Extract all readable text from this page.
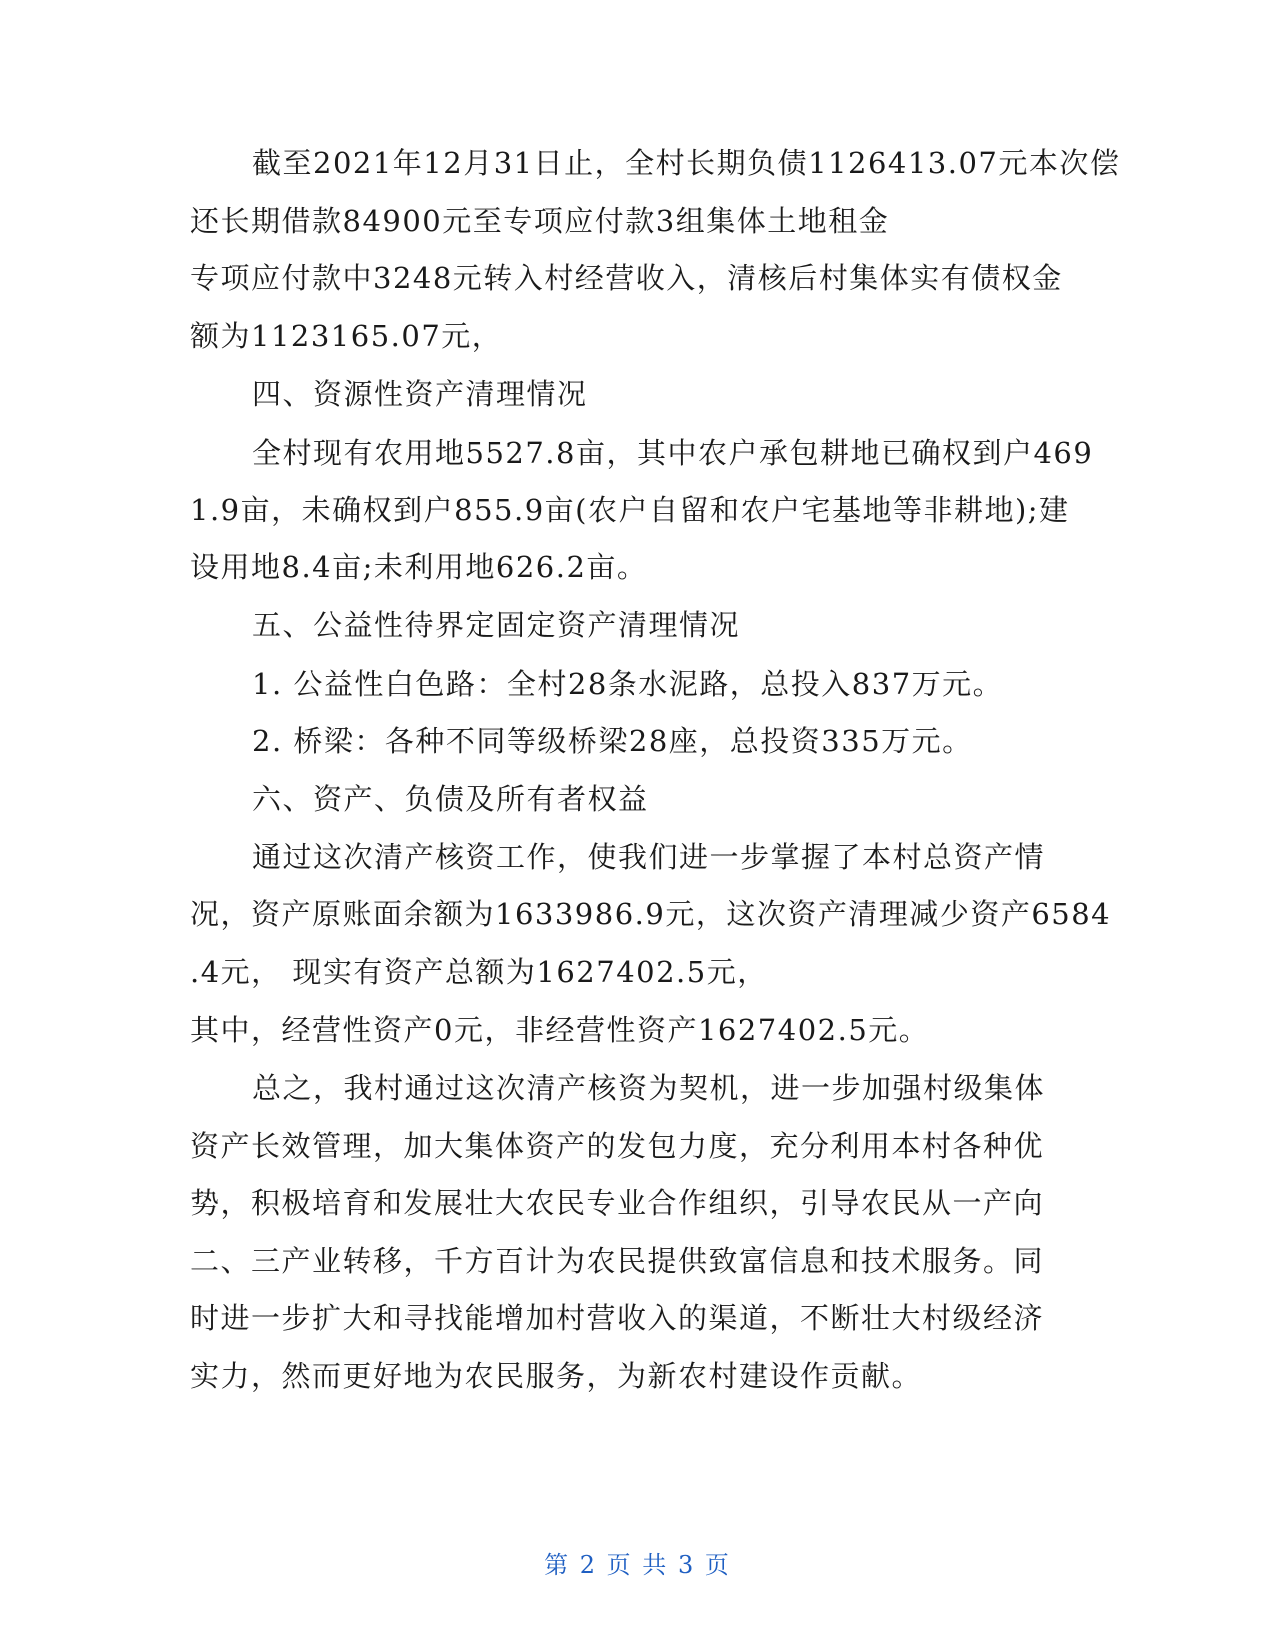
截至2021年12月31日止，全村长期负债1126413.07元本次偿
还长期借款84900元至专项应付款3组集体土地租金
专项应付款中3248元转入村经营收入，清核后村集体实有债权金
额为1123165.07元，
四、资源性资产清理情况
全村现有农用地5527.8亩，其中农户承包耕地已确权到户469
1.9亩，未确权到户855.9亩(农户自留和农户宅基地等非耕地);建
设用地8.4亩;未利用地626.2亩。
五、公益性待界定固定资产清理情况
1. 公益性白色路：全村28条水泥路，总投入837万元。
2. 桥梁：各种不同等级桥梁28座，总投资335万元。
六、资产、负债及所有者权益
通过这次清产核资工作，使我们进一步掌握了本村总资产情
况，资产原账面余额为1633986.9元，这次资产清理减少资产6584
.4元， 现实有资产总额为1627402.5元，
其中，经营性资产0元，非经营性资产1627402.5元。
总之，我村通过这次清产核资为契机，进一步加强村级集体
资产长效管理，加大集体资产的发包力度，充分利用本村各种优
势，积极培育和发展壮大农民专业合作组织，引导农民从一产向
二、三产业转移，千方百计为农民提供致富信息和技术服务。同
时进一步扩大和寻找能增加村营收入的渠道，不断壮大村级经济
实力，然而更好地为农民服务，为新农村建设作贡献。
第 2 页 共 3 页
